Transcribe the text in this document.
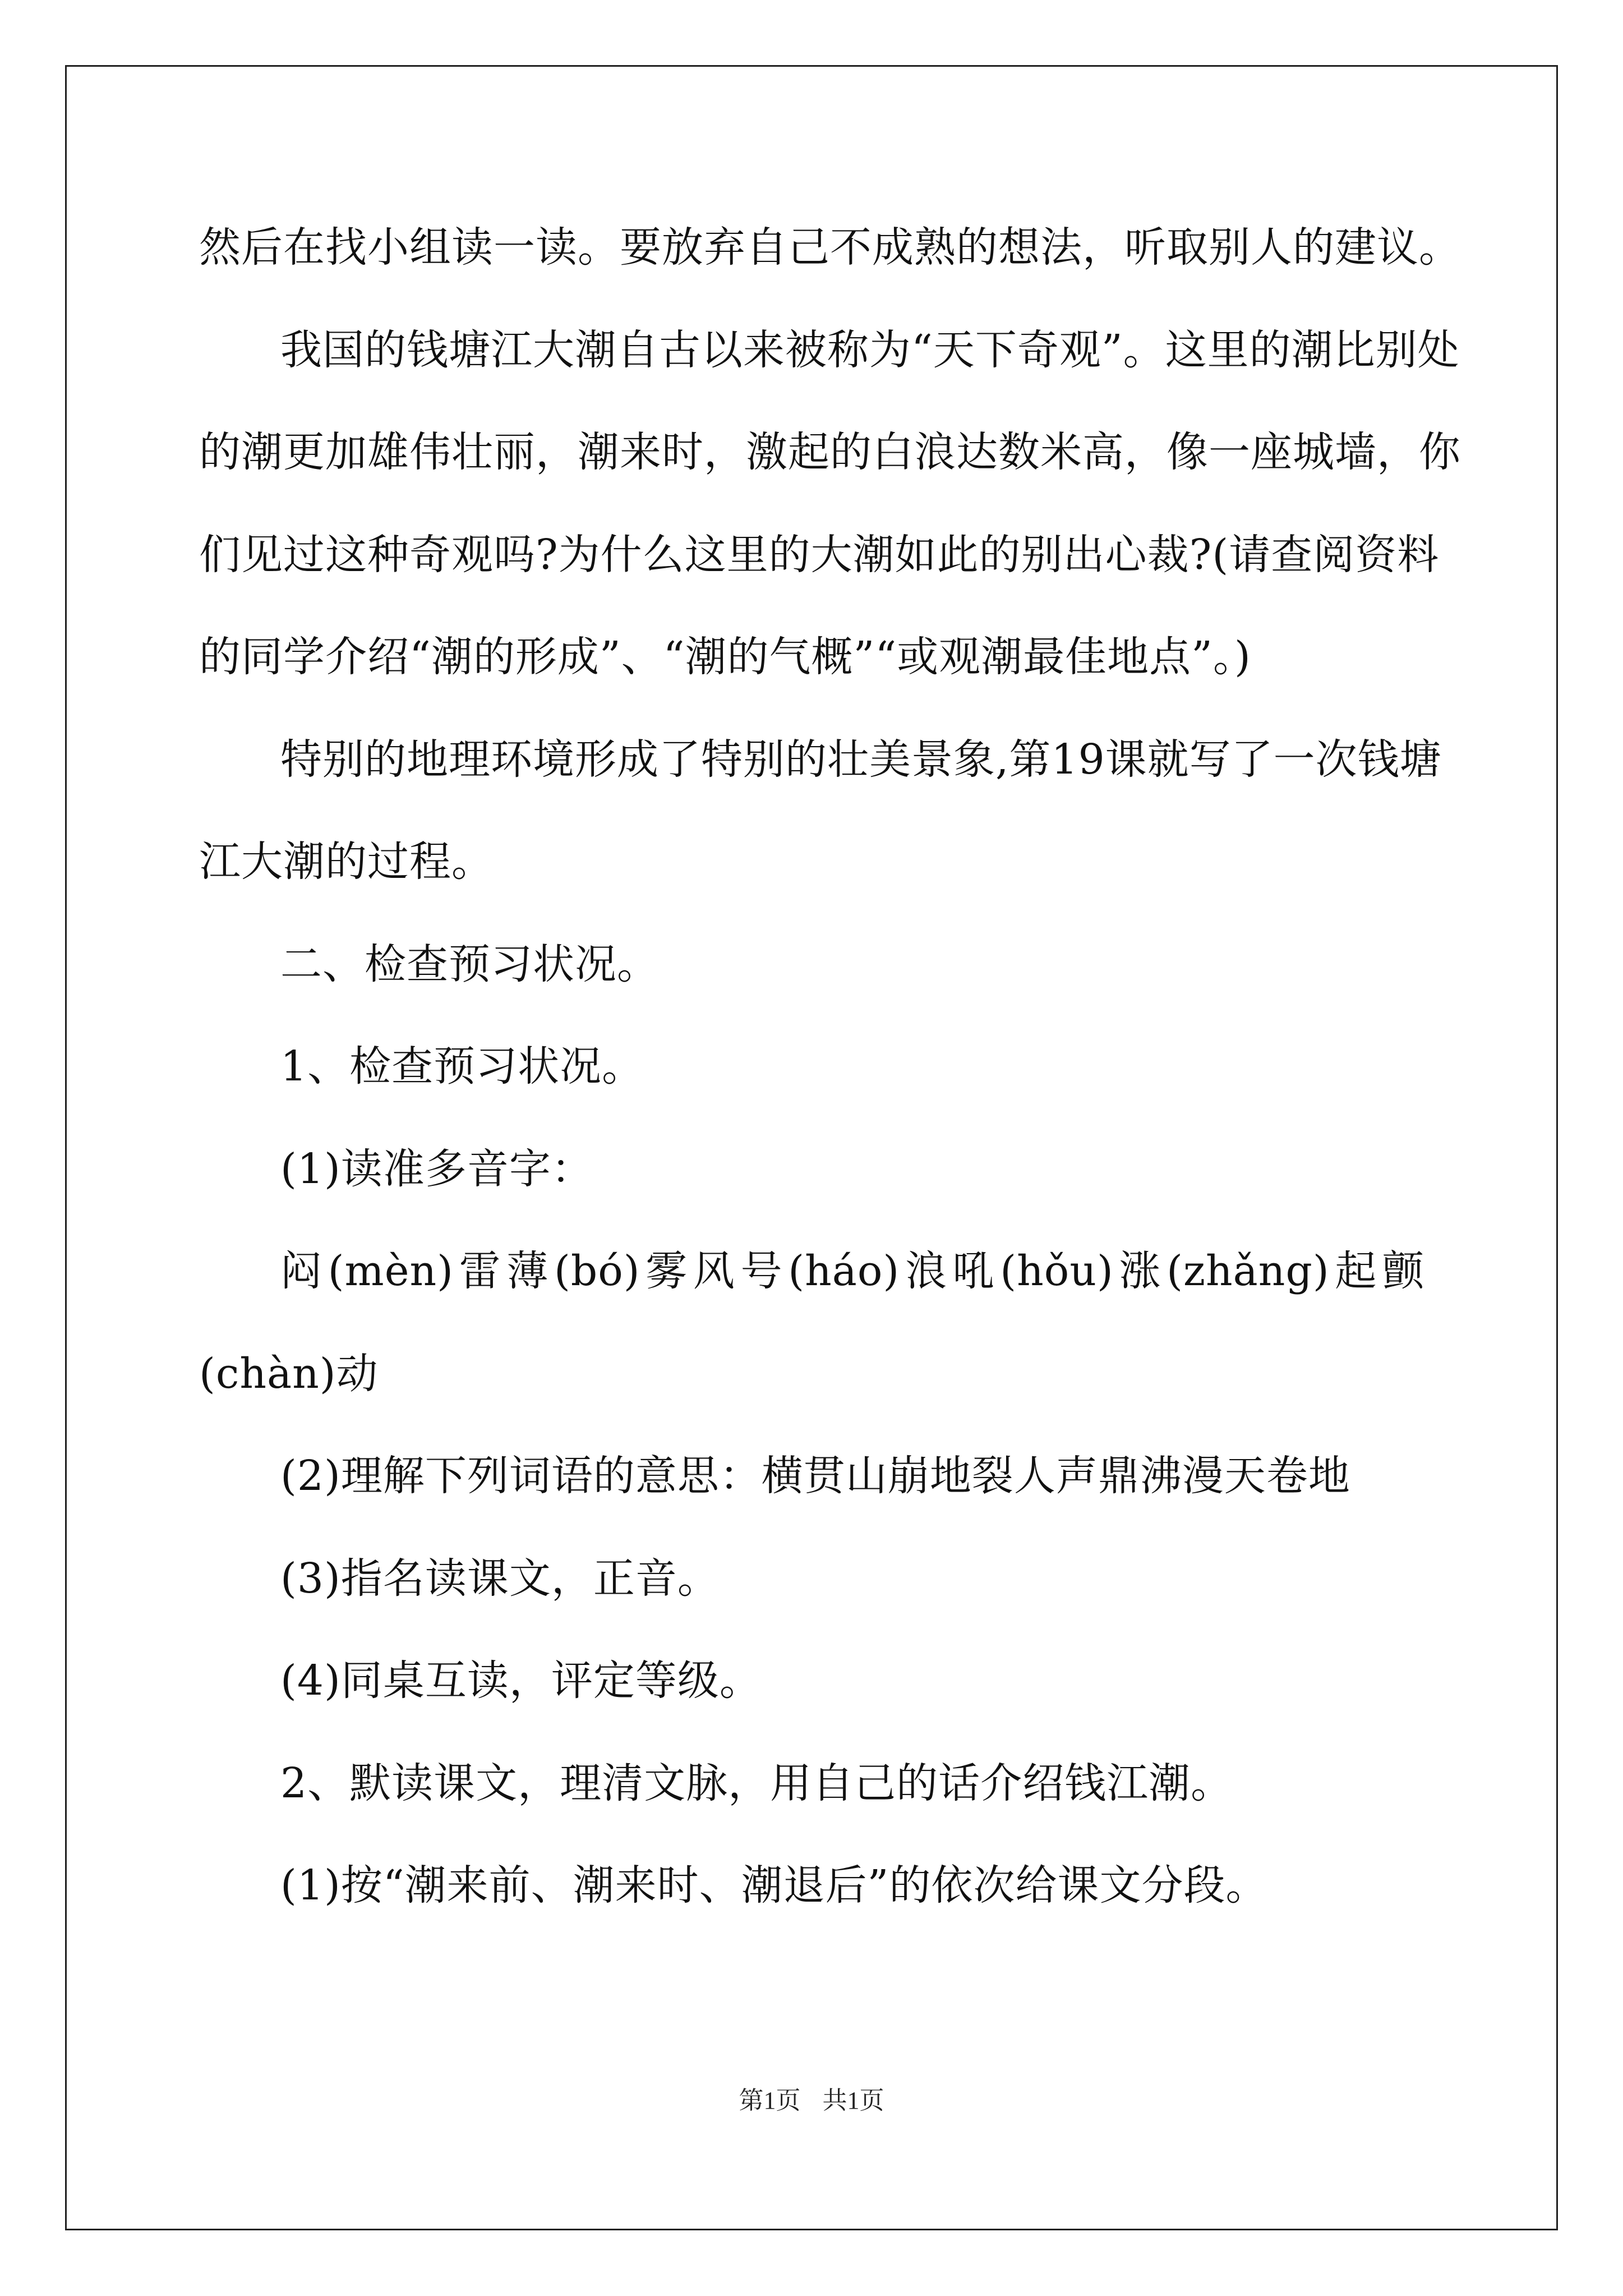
然后在找小组读一读。要放弃自己不成熟的想法，听取别人的建议。
我国的钱塘江大潮自古以来被称为“天下奇观”。这里的潮比别处
的潮更加雄伟壮丽，潮来时，激起的白浪达数米高，像一座城墙，你
们见过这种奇观吗?为什么这里的大潮如此的别出心裁?(请查阅资料
的同学介绍“潮的形成”、“潮的气概”“或观潮最佳地点”。)
特别的地理环境形成了特别的壮美景象,第19课就写了一次钱塘
江大潮的过程。
二、检查预习状况。
1、检查预习状况。
(1)读准多音字：
闷(mèn)雷薄(bó)雾风号(háo)浪吼(hǒu)涨(zhǎng)起颤
(chàn)动
(2)理解下列词语的意思：横贯山崩地裂人声鼎沸漫天卷地
(3)指名读课文，正音。
(4)同桌互读，评定等级。
2、默读课文，理清文脉，用自己的话介绍钱江潮。
(1)按“潮来前、潮来时、潮退后”的依次给课文分段。
第1页 共1页
